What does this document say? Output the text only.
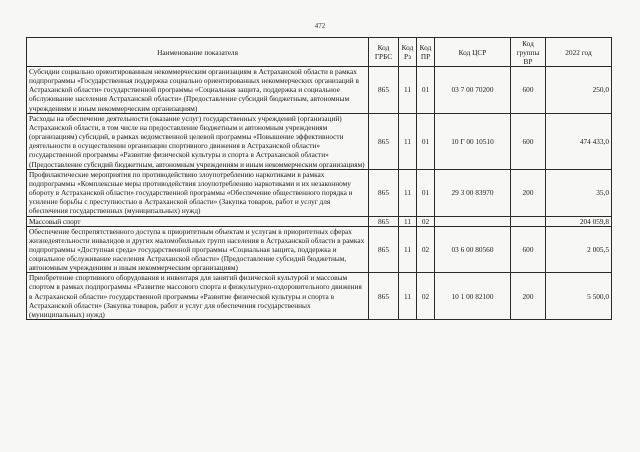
472
Наименование показателя	Код ГРБС	Код Рз	Код ПР	Код ЦСР	Код группы ВР	2022 год
Субсидии социально ориентированным некоммерческим организациям в Астраханской области в рамках подпрограммы «Государственная поддержка социально ориентированных некоммерческих организаций в Астраханской области» государственной программы «Социальная защита, поддержка и социальное обслуживание населения Астраханской области» (Предоставление субсидий бюджетным, автономным учреждениям и иным некоммерческим организациям)	865	11	01	03 7 00 70200	600	250,0
Расходы на обеспечение деятельности (оказание услуг) государственных учреждений (организаций) Астраханской области, в том числе на предоставление бюджетным и автономным учреждениям (организациям) субсидий, в рамках ведомственной целевой программы «Повышение эффективности деятельности в осуществлении организации спортивного движения в Астраханской области» государственной программы «Развитие физической культуры и спорта в Астраханской области» (Предоставление субсидий бюджетным, автономным учреждениям и иным некоммерческим организациям)	865	11	01	10 Г 00 10510	600	474 433,0
Профилактические мероприятия по противодействию злоупотреблению наркотиками в рамках подпрограммы «Комплексные меры противодействия злоупотреблению наркотиками и их незаконному обороту в Астраханской области» государственной программы «Обеспечение общественного порядка и усиление борьбы с преступностью в Астраханской области» (Закупка товаров, работ и услуг для обеспечения государственных (муниципальных) нужд)	865	11	01	29 3 00 83970	200	35,0
Массовый спорт	865	11	02			204 059,8
Обеспечение беспрепятственного доступа к приоритетным объектам и услугам в приоритетных сферах жизнедеятельности инвалидов и других маломобильных групп населения в Астраханской области в рамках подпрограммы «Доступная среда» государственной программы «Социальная защита, поддержка и социальное обслуживание населения Астраханской области» (Предоставление субсидий бюджетным, автономным учреждениям и иным некоммерческим организациям)	865	11	02	03 6 00 80560	600	2 005,5
Приобретение спортивного оборудования и инвентаря для занятий физической культурой и массовым спортом в рамках подпрограммы «Развитие массового спорта и физкультурно-оздоровительного движения в Астраханской области» государственной программы «Развитие физической культуры и спорта в Астраханской области» (Закупка товаров, работ и услуг для обеспечения государственных (муниципальных) нужд)	865	11	02	10 1 00 82100	200	5 500,0
